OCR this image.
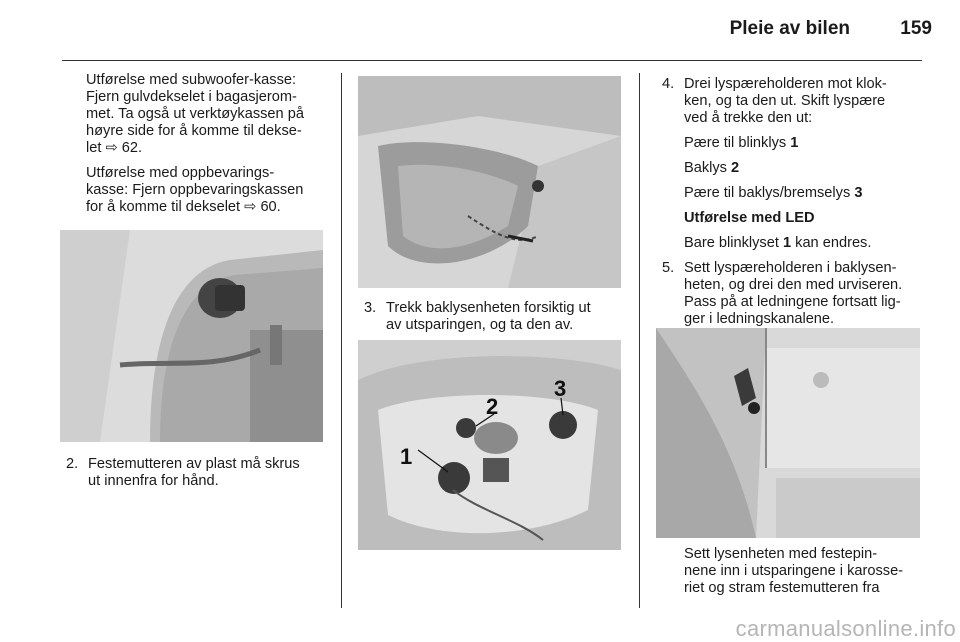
Pleie av bilen	159

Utførelse med subwoofer-kasse:
Fjern gulvdekselet i bagasjerom-
met. Ta også ut verktøykassen på
høyre side for å komme til dekse-
let ⇨ 62.

Utførelse med oppbevarings-
kasse: Fjern oppbevaringskassen
for å komme til dekselet ⇨ 60.

2. Festemutteren av plast må skrus
ut innenfra for hånd.
3. Trekk baklysenheten forsiktig ut
av utsparingen, og ta den av.
1
2
3
4. Drei lyspæreholderen mot klok-
ken, og ta den ut. Skift lyspære
ved å trekke den ut:
Pære til blinklys 1
Baklys 2
Pære til baklys/bremselys 3
Utførelse med LED
Bare blinklyset 1 kan endres.
5. Sett lyspæreholderen i baklysen-
heten, og drei den med urviseren.
Pass på at ledningene fortsatt lig-
ger i ledningskanalene.
Sett lysenheten med festepin-
nene inn i utsparingene i karosse-
riet og stram festemutteren fra
carmanualsonline.info
